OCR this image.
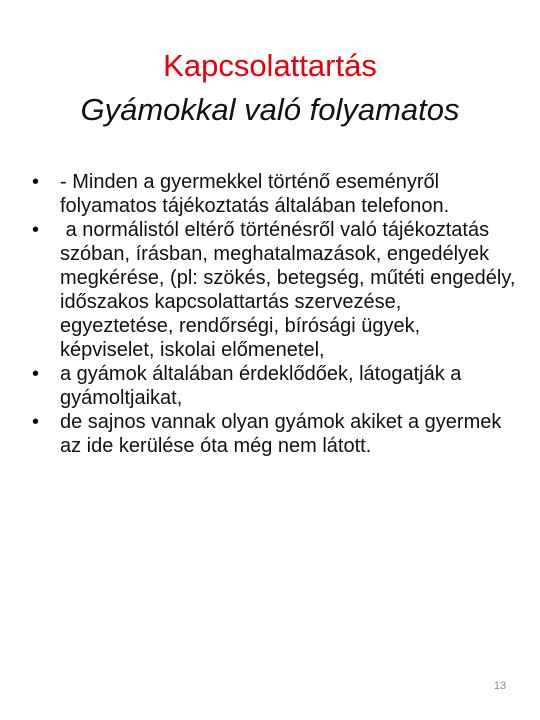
Kapcsolattartás
Gyámokkal való folyamatos
•	- Minden a gyermekkel történő eseményről folyamatos tájékoztatás általában telefonon.
•	a normálistól eltérő történésről való tájékoztatás szóban, írásban, meghatalmazások, engedélyek megkérése, (pl: szökés, betegség, műtéti engedély, időszakos kapcsolattartás szervezése, egyeztetése, rendőrségi, bírósági ügyek, képviselet, iskolai előmenetel,
•	a gyámok általában érdeklődőek, látogatják a gyámoltjaikat,
•	de sajnos vannak olyan gyámok akiket a gyermek az ide kerülése óta még nem látott.
13
